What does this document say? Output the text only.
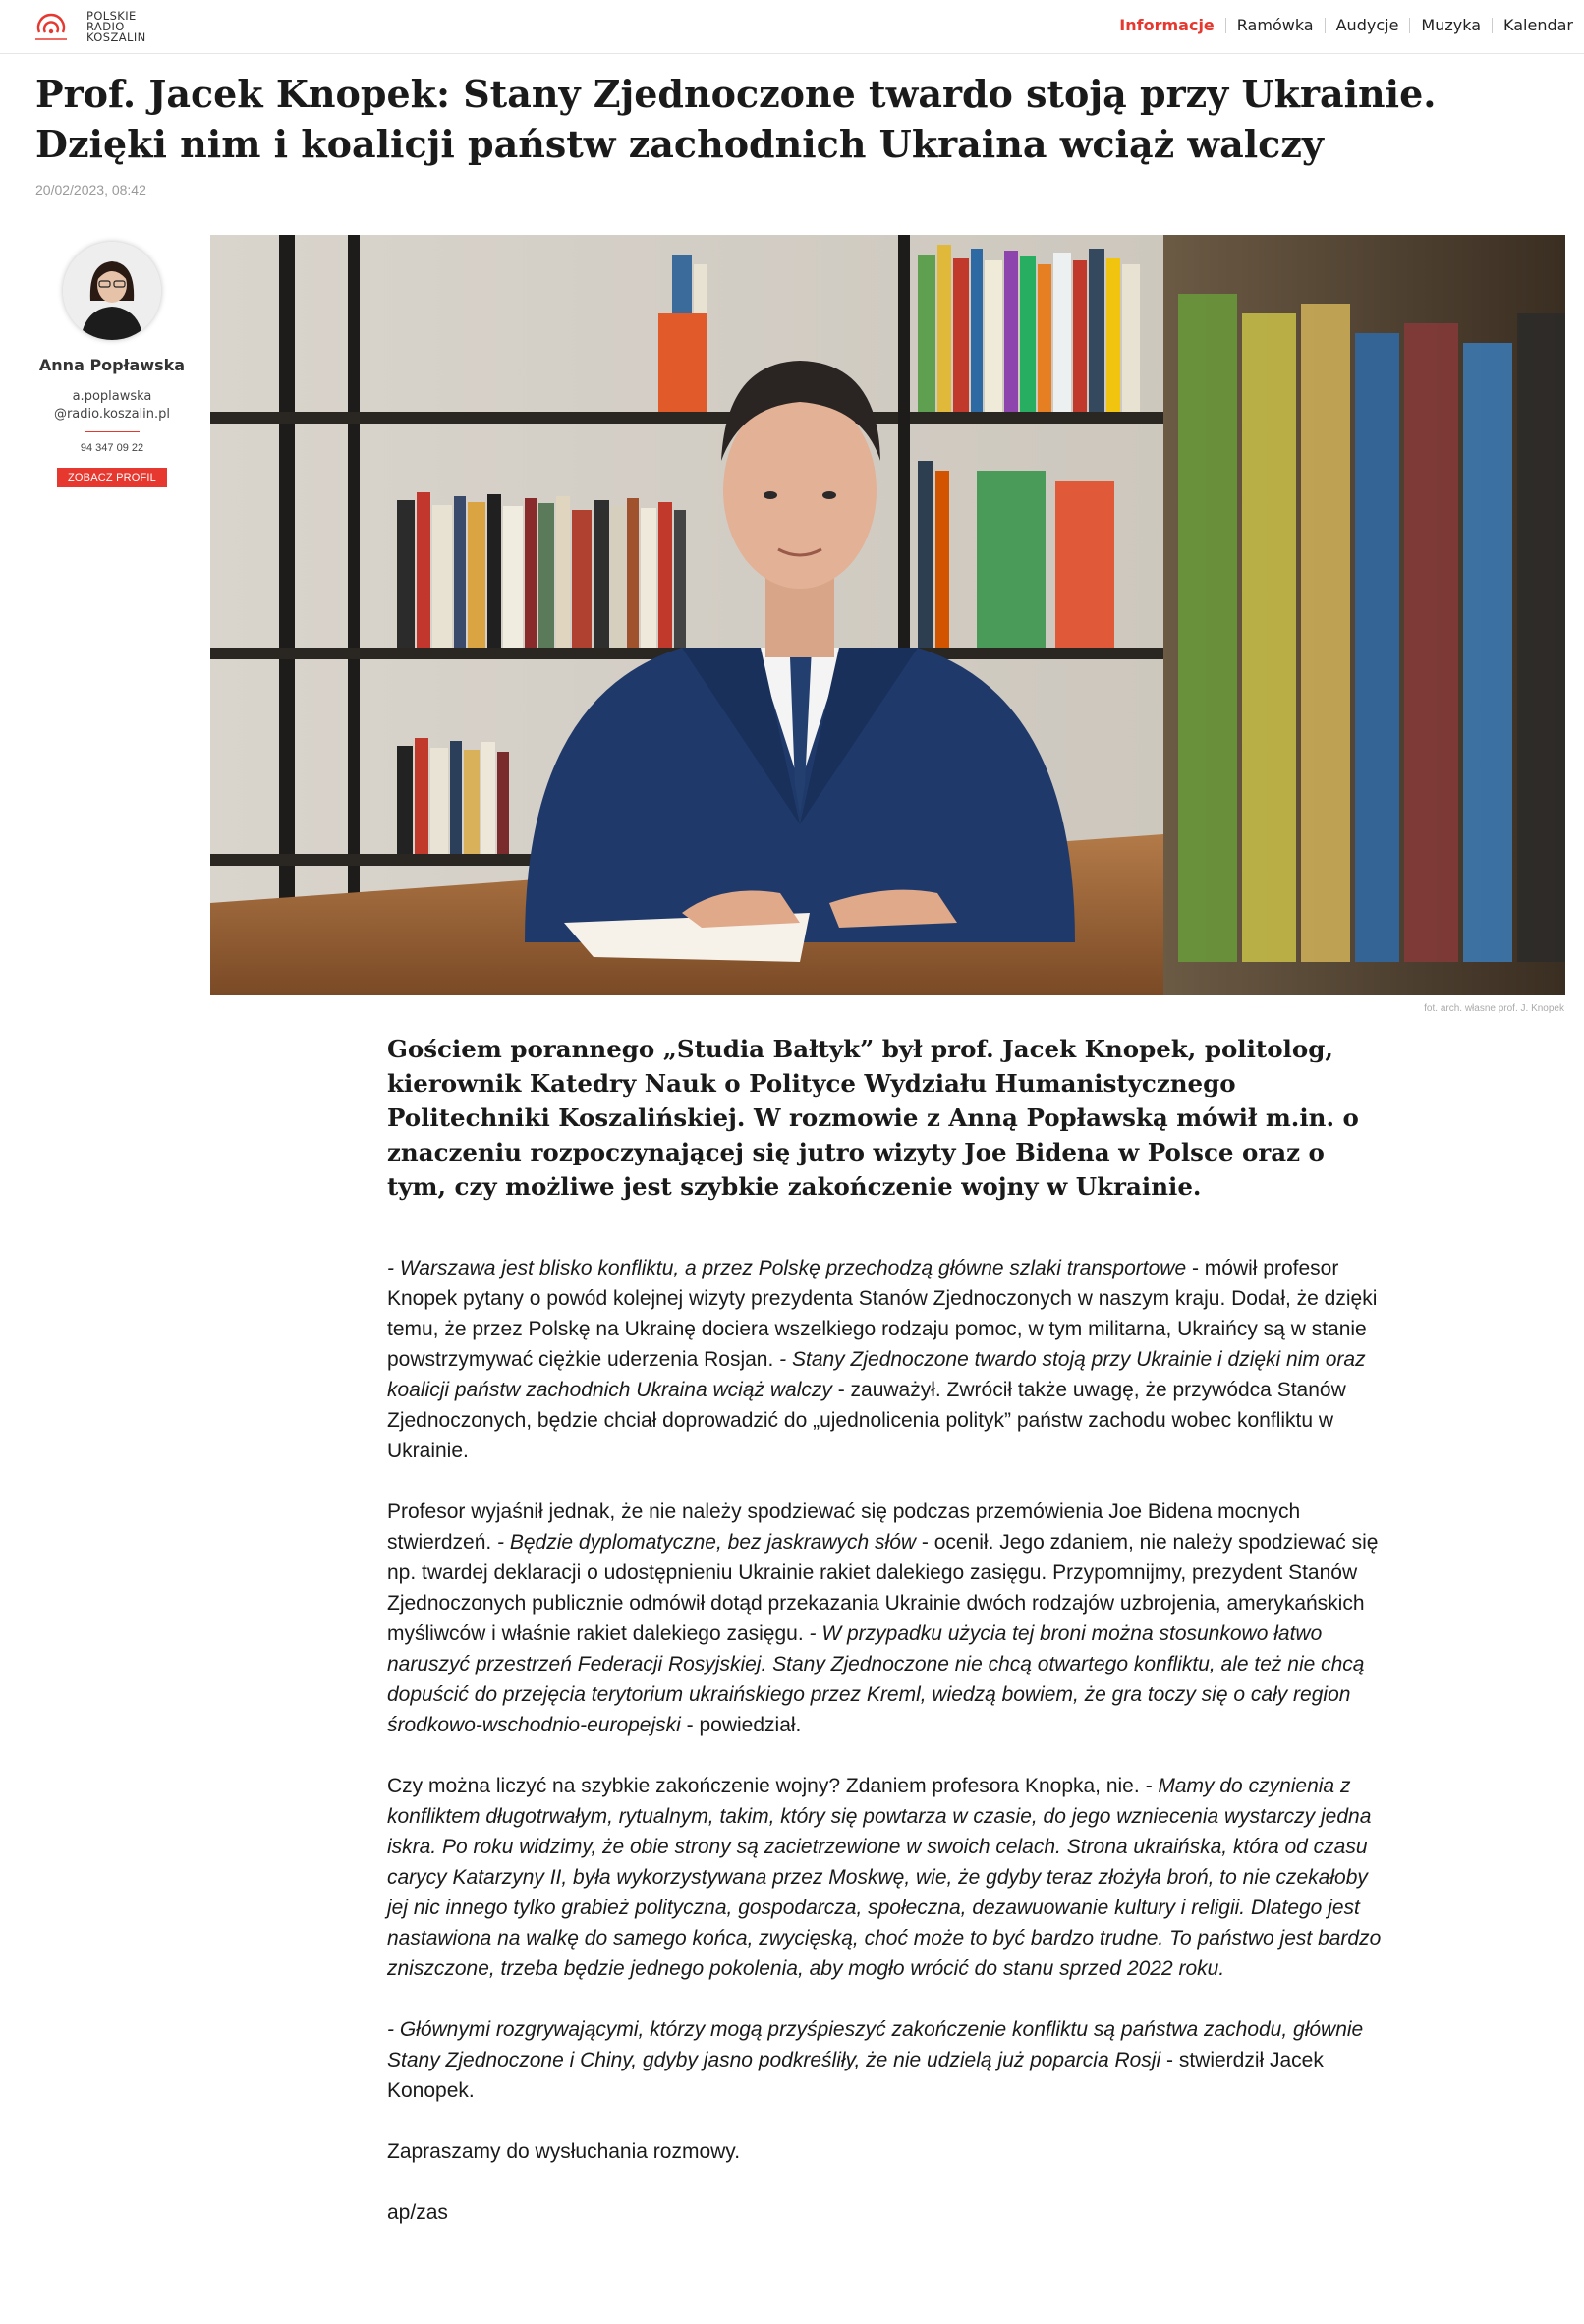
POLSKIE
RADIO
KOSZALIN
Informacje	Ramówka	Audycje	Muzyka	Kalendar
Prof. Jacek Knopek: Stany Zjednoczone twardo stoją przy Ukrainie. Dzięki nim i koalicji państw zachodnich Ukraina wciąż walczy
20/02/2023, 08:42
Anna Popławska
a.poplawska
@radio.koszalin.pl
94 347 09 22
ZOBACZ PROFIL
fot. arch. własne prof. J. Knopek

Gościem porannego „Studia Bałtyk” był prof. Jacek Knopek, politolog, kierownik Katedry Nauk o Polityce Wydziału Humanistycznego Politechniki Koszalińskiej. W rozmowie z Anną Popławską mówił m.in. o znaczeniu rozpoczynającej się jutro wizyty Joe Bidena w Polsce oraz o tym, czy możliwe jest szybkie zakończenie wojny w Ukrainie.

- Warszawa jest blisko konfliktu, a przez Polskę przechodzą główne szlaki transportowe - mówił profesor Knopek pytany o powód kolejnej wizyty prezydenta Stanów Zjednoczonych w naszym kraju. Dodał, że dzięki temu, że przez Polskę na Ukrainę dociera wszelkiego rodzaju pomoc, w tym militarna, Ukraińcy są w stanie powstrzymywać ciężkie uderzenia Rosjan. - Stany Zjednoczone twardo stoją przy Ukrainie i dzięki nim oraz koalicji państw zachodnich Ukraina wciąż walczy - zauważył. Zwrócił także uwagę, że przywódca Stanów Zjednoczonych, będzie chciał doprowadzić do „ujednolicenia polityk” państw zachodu wobec konfliktu w Ukrainie.

Profesor wyjaśnił jednak, że nie należy spodziewać się podczas przemówienia Joe Bidena mocnych stwierdzeń. - Będzie dyplomatyczne, bez jaskrawych słów - ocenił. Jego zdaniem, nie należy spodziewać się np. twardej deklaracji o udostępnieniu Ukrainie rakiet dalekiego zasięgu. Przypomnijmy, prezydent Stanów Zjednoczonych publicznie odmówił dotąd przekazania Ukrainie dwóch rodzajów uzbrojenia, amerykańskich myśliwców i właśnie rakiet dalekiego zasięgu. - W przypadku użycia tej broni można stosunkowo łatwo naruszyć przestrzeń Federacji Rosyjskiej. Stany Zjednoczone nie chcą otwartego konfliktu, ale też nie chcą dopuścić do przejęcia terytorium ukraińskiego przez Kreml, wiedzą bowiem, że gra toczy się o cały region środkowo-wschodnio-europejski - powiedział.

Czy można liczyć na szybkie zakończenie wojny? Zdaniem profesora Knopka, nie. - Mamy do czynienia z konfliktem długotrwałym, rytualnym, takim, który się powtarza w czasie, do jego wzniecenia wystarczy jedna iskra. Po roku widzimy, że obie strony są zacietrzewione w swoich celach. Strona ukraińska, która od czasu carycy Katarzyny II, była wykorzystywana przez Moskwę, wie, że gdyby teraz złożyła broń, to nie czekałoby jej nic innego tylko grabież polityczna, gospodarcza, społeczna, dezawuowanie kultury i religii. Dlatego jest nastawiona na walkę do samego końca, zwycięską, choć może to być bardzo trudne. To państwo jest bardzo zniszczone, trzeba będzie jednego pokolenia, aby mogło wrócić do stanu sprzed 2022 roku.

- Głównymi rozgrywającymi, którzy mogą przyśpieszyć zakończenie konfliktu są państwa zachodu, głównie Stany Zjednoczone i Chiny, gdyby jasno podkreśliły, że nie udzielą już poparcia Rosji - stwierdził Jacek Konopek.

Zapraszamy do wysłuchania rozmowy.

ap/zas
